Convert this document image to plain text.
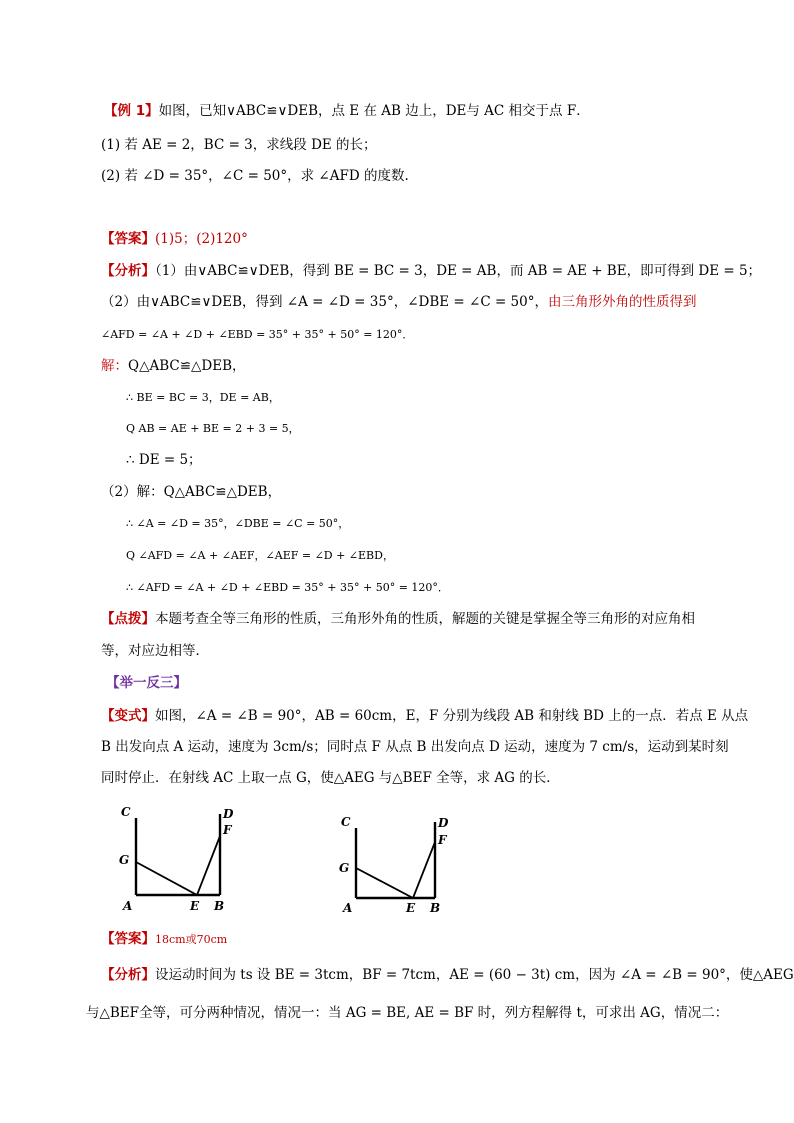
【例 1】如图，已知∨ABC≌∨DEB，点 E 在 AB 边上，DE与 AC 相交于点 F．
(1) 若 AE = 2，BC = 3，求线段 DE 的长；
(2) 若 ∠D = 35°，∠C = 50°，求 ∠AFD 的度数.
【答案】(1)5；(2)120°
【分析】（1）由∨ABC≌∨DEB，得到 BE = BC = 3，DE = AB，而 AB = AE + BE，即可得到 DE = 5；
（2）由∨ABC≌∨DEB，得到 ∠A = ∠D = 35°，∠DBE = ∠C = 50°，由三角形外角的性质得到
∠AFD = ∠A + ∠D + ∠EBD = 35° + 35° + 50° = 120°．
解：Q△ABC≌△DEB，
∴ BE = BC = 3，DE = AB，
Q AB = AE + BE = 2 + 3 = 5，
∴ DE = 5；
（2）解：Q△ABC≌△DEB，
∴ ∠A = ∠D = 35°，∠DBE = ∠C = 50°，
Q ∠AFD = ∠A + ∠AEF，∠AEF = ∠D + ∠EBD，
∴ ∠AFD = ∠A + ∠D + ∠EBD = 35° + 35° + 50° = 120°．
【点拨】本题考查全等三角形的性质，三角形外角的性质，解题的关键是掌握全等三角形的对应角相
等，对应边相等．
【举一反三】
【变式】如图，∠A = ∠B = 90°，AB = 60cm，E，F 分别为线段 AB 和射线 BD 上的一点．若点 E 从点
B 出发向点 A 运动，速度为 3cm/s；同时点 F 从点 B 出发向点 D 运动，速度为 7 cm/s，运动到某时刻
同时停止．在射线 AC 上取一点 G，使△AEG 与△BEF 全等，求 AG 的长．
C	D
F
G
A	E B
C	D
F
G
A	E B
【答案】18cm或70cm
【分析】设运动时间为 ts 设 BE = 3tcm，BF = 7tcm，AE = (60 − 3t) cm，因为 ∠A = ∠B = 90°，使△AEG
与△BEF全等，可分两种情况，情况一：当 AG = BE, AE = BF 时，列方程解得 t，可求出 AG，情况二：
